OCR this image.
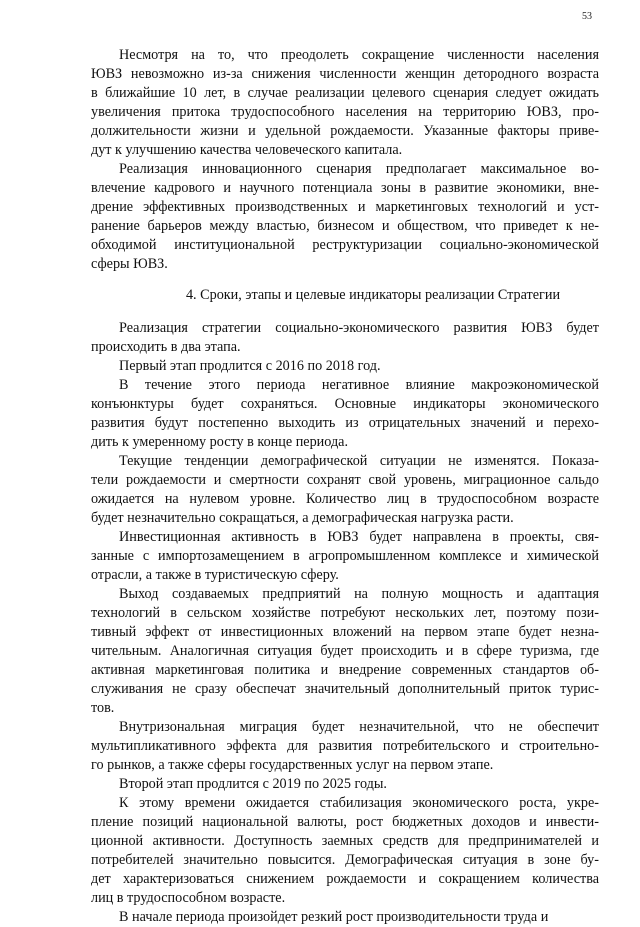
53
Несмотря на то, что преодолеть сокращение численности населения
ЮВЗ невозможно из-за снижения численности женщин детородного возраста
в ближайшие 10 лет, в случае реализации целевого сценария следует ожидать
увеличения притока трудоспособного населения на территорию ЮВЗ, про-
должительности жизни и удельной рождаемости. Указанные факторы приве-
дут к улучшению качества человеческого капитала.
Реализация инновационного сценария предполагает максимальное во-
влечение кадрового и научного потенциала зоны в развитие экономики, вне-
дрение эффективных производственных и маркетинговых технологий и уст-
ранение барьеров между властью, бизнесом и обществом, что приведет к не-
обходимой институциональной реструктуризации социально-экономической
сферы ЮВЗ.
4. Сроки, этапы и целевые индикаторы реализации Стратегии
Реализация стратегии социально-экономического развития ЮВЗ будет
происходить в два этапа.
Первый этап продлится с 2016 по 2018 год.
В течение этого периода негативное влияние макроэкономической
конъюнктуры будет сохраняться. Основные индикаторы экономического
развития будут постепенно выходить из отрицательных значений и перехо-
дить к умеренному росту в конце периода.
Текущие тенденции демографической ситуации не изменятся. Показа-
тели рождаемости и смертности сохранят свой уровень, миграционное сальдо
ожидается на нулевом уровне. Количество лиц в трудоспособном возрасте
будет незначительно сокращаться, а демографическая нагрузка расти.
Инвестиционная активность в ЮВЗ будет направлена в проекты, свя-
занные с импортозамещением в агропромышленном комплексе и химической
отрасли, а также в туристическую сферу.
Выход создаваемых предприятий на полную мощность и адаптация
технологий в сельском хозяйстве потребуют нескольких лет, поэтому пози-
тивный эффект от инвестиционных вложений на первом этапе будет незна-
чительным. Аналогичная ситуация будет происходить и в сфере туризма, где
активная маркетинговая политика и внедрение современных стандартов об-
служивания не сразу обеспечат значительный дополнительный приток турис-
тов.
Внутризональная миграция будет незначительной, что не обеспечит
мультипликативного эффекта для развития потребительского и строительно-
го рынков, а также сферы государственных услуг на первом этапе.
Второй этап продлится с 2019 по 2025 годы.
К этому времени ожидается стабилизация экономического роста, укре-
пление позиций национальной валюты, рост бюджетных доходов и инвести-
ционной активности. Доступность заемных средств для предпринимателей и
потребителей значительно повысится. Демографическая ситуация в зоне бу-
дет характеризоваться снижением рождаемости и сокращением количества
лиц в трудоспособном возрасте.
В начале периода произойдет резкий рост производительности труда и
